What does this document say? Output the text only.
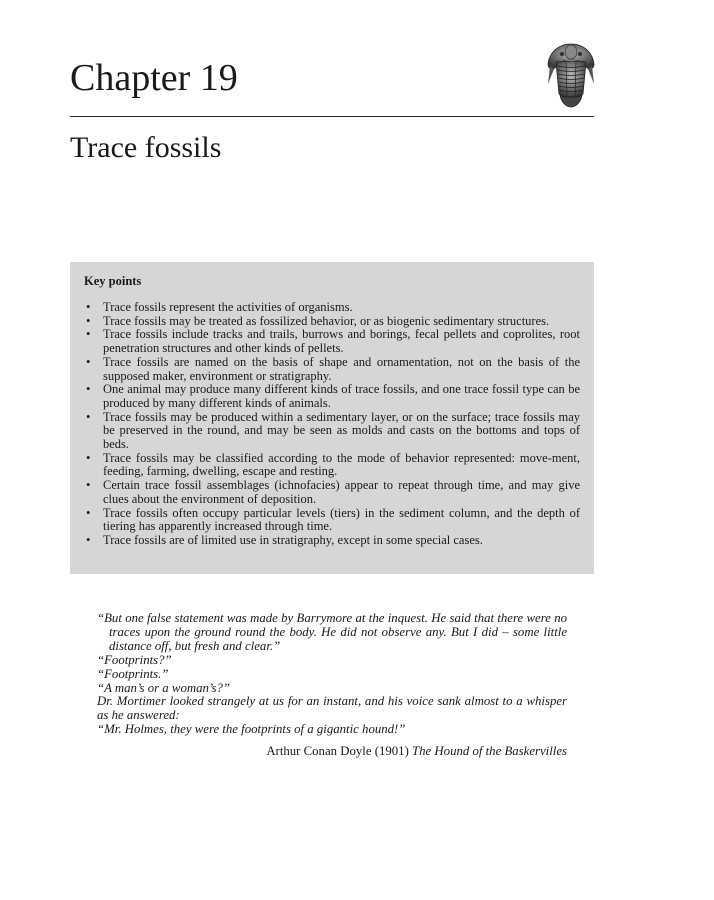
Chapter 19
Trace fossils
Key points
• Trace fossils represent the activities of organisms.
• Trace fossils may be treated as fossilized behavior, or as biogenic sedimentary structures.
• Trace fossils include tracks and trails, burrows and borings, fecal pellets and coprolites, root penetration structures and other kinds of pellets.
• Trace fossils are named on the basis of shape and ornamentation, not on the basis of the supposed maker, environment or stratigraphy.
• One animal may produce many different kinds of trace fossils, and one trace fossil type can be produced by many different kinds of animals.
• Trace fossils may be produced within a sedimentary layer, or on the surface; trace fossils may be preserved in the round, and may be seen as molds and casts on the bottoms and tops of beds.
• Trace fossils may be classified according to the mode of behavior represented: move-ment, feeding, farming, dwelling, escape and resting.
• Certain trace fossil assemblages (ichnofacies) appear to repeat through time, and may give clues about the environment of deposition.
• Trace fossils often occupy particular levels (tiers) in the sediment column, and the depth of tiering has apparently increased through time.
• Trace fossils are of limited use in stratigraphy, except in some special cases.

“But one false statement was made by Barrymore at the inquest. He said that there were no traces upon the ground round the body. He did not observe any. But I did – some little distance off, but fresh and clear.”

“Footprints?”

“Footprints.”

“A man’s or a woman’s?”

Dr. Mortimer looked strangely at us for an instant, and his voice sank almost to a whisper as he answered:

“Mr. Holmes, they were the footprints of a gigantic hound!”

Arthur Conan Doyle (1901) The Hound of the Baskervilles
